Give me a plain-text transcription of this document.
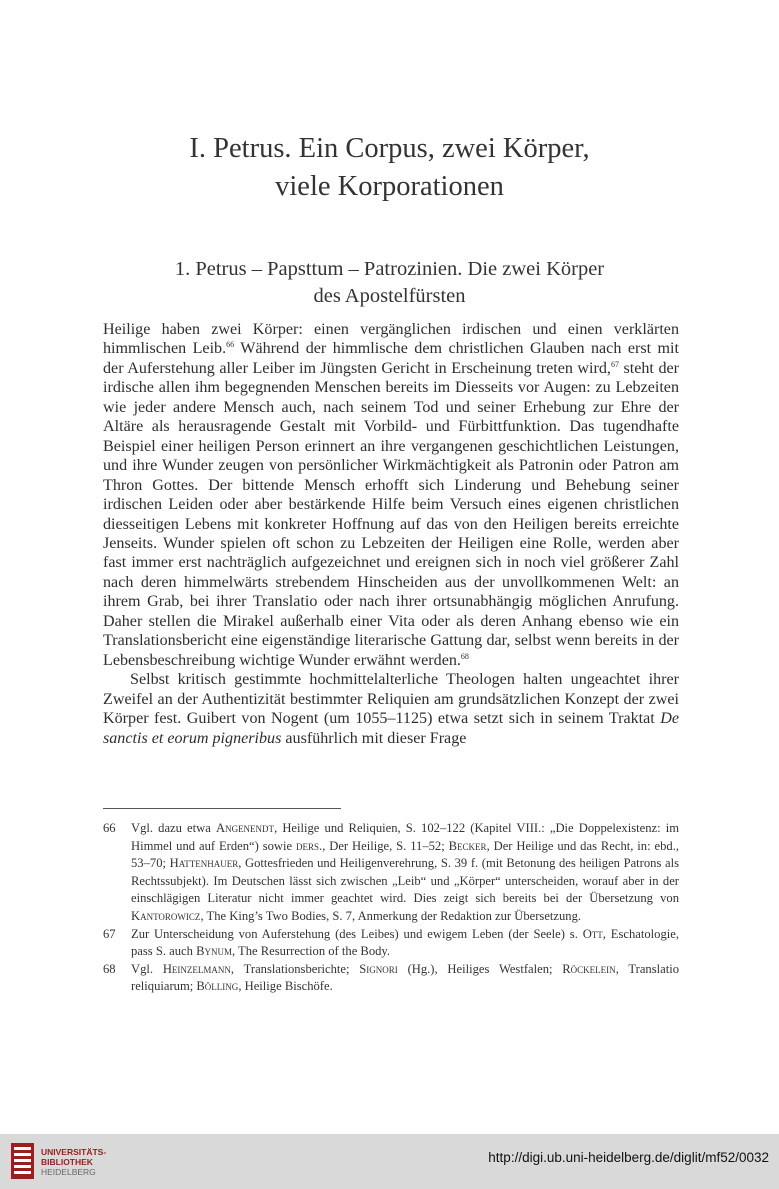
I. Petrus. Ein Corpus, zwei Körper,
viele Korporationen
1. Petrus – Papsttum – Patrozinien. Die zwei Körper
des Apostelfürsten

Heilige haben zwei Körper: einen vergänglichen irdischen und einen verklärten himmlischen Leib.$^{66}$ Während der himmlische dem christlichen Glauben nach erst mit der Auferstehung aller Leiber im Jüngsten Gericht in Erscheinung treten wird,$^{67}$ steht der irdische allen ihm begegnenden Menschen bereits im Diesseits vor Augen: zu Lebzeiten wie jeder andere Mensch auch, nach seinem Tod und seiner Erhebung zur Ehre der Altäre als herausragende Gestalt mit Vorbild- und Fürbittfunktion. Das tugendhafte Beispiel einer heiligen Person erinnert an ihre vergangenen geschichtlichen Leistungen, und ihre Wunder zeugen von persönlicher Wirkmächtigkeit als Patronin oder Patron am Thron Gottes. Der bittende Mensch erhofft sich Linderung und Behebung seiner irdischen Leiden oder aber bestärkende Hilfe beim Versuch eines eigenen christlichen diesseitigen Lebens mit konkreter Hoffnung auf das von den Heiligen bereits erreichte Jenseits. Wunder spielen oft schon zu Lebzeiten der Heiligen eine Rolle, werden aber fast immer erst nachträglich aufgezeichnet und ereignen sich in noch viel größerer Zahl nach deren himmelwärts strebendem Hinscheiden aus der unvollkommenen Welt: an ihrem Grab, bei ihrer Translatio oder nach ihrer ortsunabhängig möglichen Anrufung. Daher stellen die Mirakel außerhalb einer Vita oder als deren Anhang ebenso wie ein Translationsbericht eine eigenständige literarische Gattung dar, selbst wenn bereits in der Lebensbeschreibung wichtige Wunder erwähnt werden.$^{68}$

Selbst kritisch gestimmte hochmittelalterliche Theologen halten ungeachtet ihrer Zweifel an der Authentizität bestimmter Reliquien am grundsätzlichen Konzept der zwei Körper fest. Guibert von Nogent (um 1055–1125) etwa setzt sich in seinem Traktat De sanctis et eorum pigneribus ausführlich mit dieser Frage

66	Vgl. dazu etwa Angenendt, Heilige und Reliquien, S. 102–122 (Kapitel VIII.: „Die Doppelexistenz: im Himmel und auf Erden“) sowie ders., Der Heilige, S. 11–52; Becker, Der Heilige und das Recht, in: ebd., 53–70; Hattenhauer, Gottesfrieden und Heiligenverehrung, S. 39 f. (mit Betonung des heiligen Patrons als Rechtssubjekt). Im Deutschen lässt sich zwischen „Leib“ und „Körper“ unterscheiden, worauf aber in der einschlägigen Literatur nicht immer geachtet wird. Dies zeigt sich bereits bei der Übersetzung von Kantorowicz, The King’s Two Bodies, S. 7, Anmerkung der Redaktion zur Übersetzung.
67	Zur Unterscheidung von Auferstehung (des Leibes) und ewigem Leben (der Seele) s. Ott, Eschatologie, pass S. auch Bynum, The Resurrection of the Body.
68	Vgl. Heinzelmann, Translationsberichte; Signori (Hg.), Heiliges Westfalen; Röckelein, Translatio reliquiarum; Bölling, Heilige Bischöfe.
UNIVERSITÄTS-
BIBLIOTHEK
HEIDELBERG
http://digi.ub.uni-heidelberg.de/diglit/mf52/0032
